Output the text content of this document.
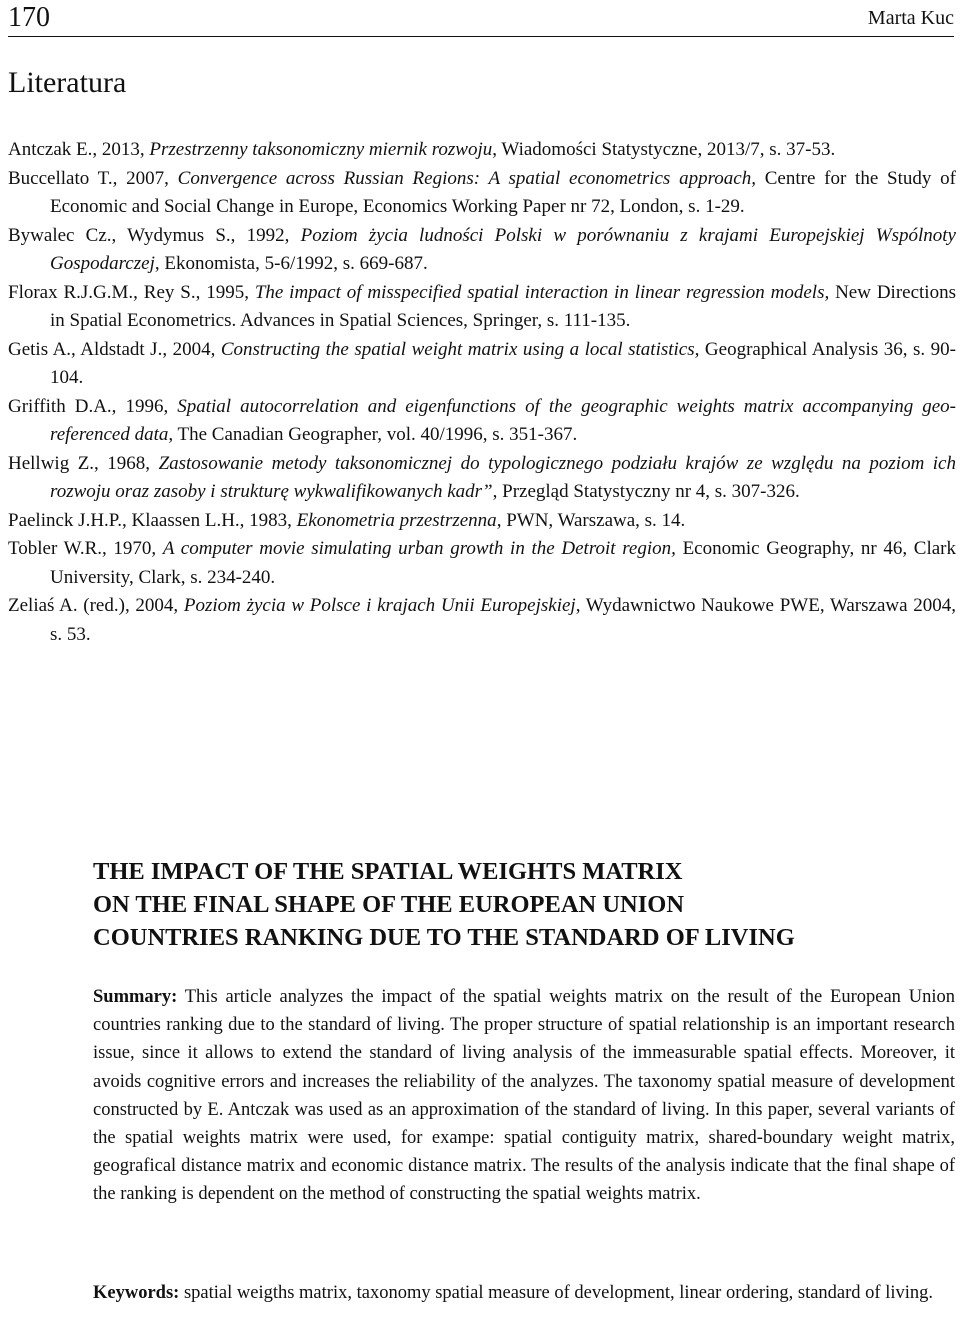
170	Marta Kuc
Literatura
Antczak E., 2013, Przestrzenny taksonomiczny miernik rozwoju, Wiadomości Statystyczne, 2013/7, s. 37-53.
Buccellato T., 2007, Convergence across Russian Regions: A spatial econometrics approach, Centre for the Study of Economic and Social Change in Europe, Economics Working Paper nr 72, London, s. 1-29.
Bywalec Cz., Wydymus S., 1992, Poziom życia ludności Polski w porównaniu z krajami Europejskiej Wspólnoty Gospodarczej, Ekonomista, 5-6/1992, s. 669-687.
Florax R.J.G.M., Rey S., 1995, The impact of misspecified spatial interaction in linear regression models, New Directions in Spatial Econometrics. Advances in Spatial Sciences, Springer, s. 111-135.
Getis A., Aldstadt J., 2004, Constructing the spatial weight matrix using a local statistics, Geographical Analysis 36, s. 90-104.
Griffith D.A., 1996, Spatial autocorrelation and eigenfunctions of the geographic weights matrix accompanying geo-referenced data, The Canadian Geographer, vol. 40/1996, s. 351-367.
Hellwig Z., 1968, Zastosowanie metody taksonomicznej do typologicznego podziału krajów ze względu na poziom ich rozwoju oraz zasoby i strukturę wykwalifikowanych kadr”, Przegląd Statystyczny nr 4, s. 307-326.
Paelinck J.H.P., Klaassen L.H., 1983, Ekonometria przestrzenna, PWN, Warszawa, s. 14.
Tobler W.R., 1970, A computer movie simulating urban growth in the Detroit region, Economic Geography, nr 46, Clark University, Clark, s. 234-240.
Zeliaś A. (red.), 2004, Poziom życia w Polsce i krajach Unii Europejskiej, Wydawnictwo Naukowe PWE, Warszawa 2004, s. 53.
THE IMPACT OF THE SPATIAL WEIGHTS MATRIX
ON THE FINAL SHAPE OF THE EUROPEAN UNION
COUNTRIES RANKING DUE TO THE STANDARD OF LIVING

Summary: This article analyzes the impact of the spatial weights matrix on the result of the European Union countries ranking due to the standard of living. The proper structure of spatial relationship is an important research issue, since it allows to extend the standard of living analysis of the immeasurable spatial effects. Moreover, it avoids cognitive errors and increases the reliability of the analyzes. The taxonomy spatial measure of development constructed by E. Antczak was used as an approximation of the standard of living. In this paper, several variants of the spatial weights matrix were used, for exampe: spatial contiguity matrix, shared-boundary weight matrix, geografical distance matrix and economic distance matrix. The results of the analysis indicate that the final shape of the ranking is dependent on the method of constructing the spatial weights matrix.

Keywords: spatial weigths matrix, taxonomy spatial measure of development, linear ordering, standard of living.
